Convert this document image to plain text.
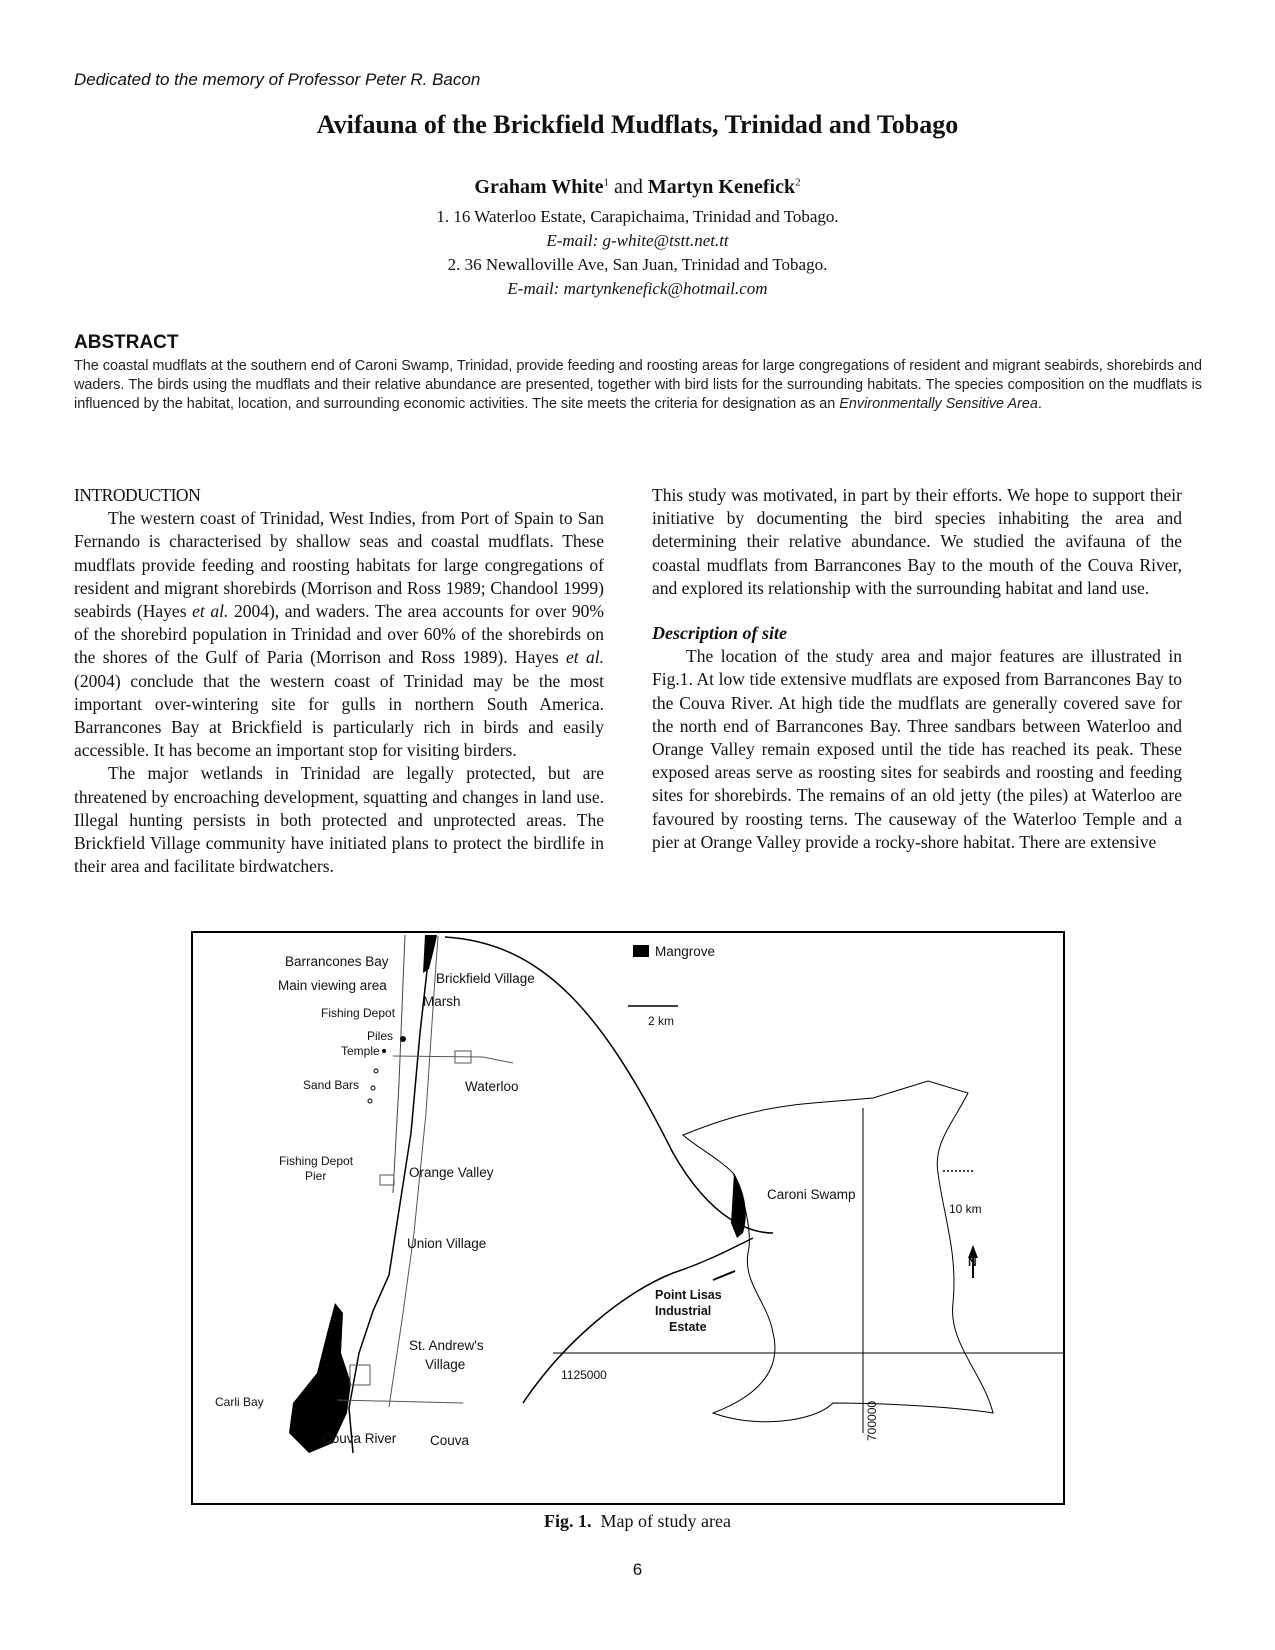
Dedicated to the memory of Professor Peter R. Bacon
Avifauna of the Brickfield Mudflats, Trinidad and Tobago
Graham White$^1$ and Martyn Kenefick$^2$
1. 16 Waterloo Estate, Carapichaima, Trinidad and Tobago.
E-mail: g-white@tstt.net.tt
2. 36 Newalloville Ave, San Juan, Trinidad and Tobago.
E-mail: martynkenefick@hotmail.com
ABSTRACT
The coastal mudflats at the southern end of Caroni Swamp, Trinidad, provide feeding and roosting areas for large congregations of resident and migrant seabirds, shorebirds and waders. The birds using the mudflats and their relative abundance are presented, together with bird lists for the surrounding habitats. The species composition on the mudflats is influenced by the habitat, location, and surrounding economic activities. The site meets the criteria for designation as an Environmentally Sensitive Area.
INTRODUCTION

The western coast of Trinidad, West Indies, from Port of Spain to San Fernando is characterised by shallow seas and coastal mudflats. These mudflats provide feeding and roosting habitats for large congregations of resident and migrant shorebirds (Morrison and Ross 1989; Chandool 1999) seabirds (Hayes et al. 2004), and waders. The area accounts for over 90% of the shorebird population in Trinidad and over 60% of the shorebirds on the shores of the Gulf of Paria (Morrison and Ross 1989). Hayes et al. (2004) conclude that the western coast of Trinidad may be the most important over-wintering site for gulls in northern South America. Barrancones Bay at Brickfield is particularly rich in birds and easily accessible. It has become an important stop for visiting birders.

The major wetlands in Trinidad are legally protected, but are threatened by encroaching development, squatting and changes in land use. Illegal hunting persists in both protected and unprotected areas. The Brickfield Village community have initiated plans to protect the birdlife in their area and facilitate birdwatchers.

This study was motivated, in part by their efforts. We hope to support their initiative by documenting the bird species inhabiting the area and determining their relative abundance. We studied the avifauna of the coastal mudflats from Barrancones Bay to the mouth of the Couva River, and explored its relationship with the surrounding habitat and land use.

Description of site

The location of the study area and major features are illustrated in Fig.1. At low tide extensive mudflats are exposed from Barrancones Bay to the Couva River. At high tide the mudflats are generally covered save for the north end of Barrancones Bay. Three sandbars between Waterloo and Orange Valley remain exposed until the tide has reached its peak. These exposed areas serve as roosting sites for seabirds and roosting and feeding sites for shorebirds. The remains of an old jetty (the piles) at Waterloo are favoured by roosting terns. The causeway of the Waterloo Temple and a pier at Orange Valley provide a rocky-shore habitat. There are extensive

Barrancones Bay
Main viewing area	Brickfield Village
Marsh
Fishing Depot
Piles
Temple
Sand Bars	Waterloo
Fishing Depot
Pier	Orange Valley
Union Village
St. Andrew's
Village
Carli Bay
Couva River Couva
Mangrove
2 km
Caroni Swamp
10 km
N
Point Lisas
Industrial
Estate
1125000
700000
Fig. 1.  Map of study area
6
